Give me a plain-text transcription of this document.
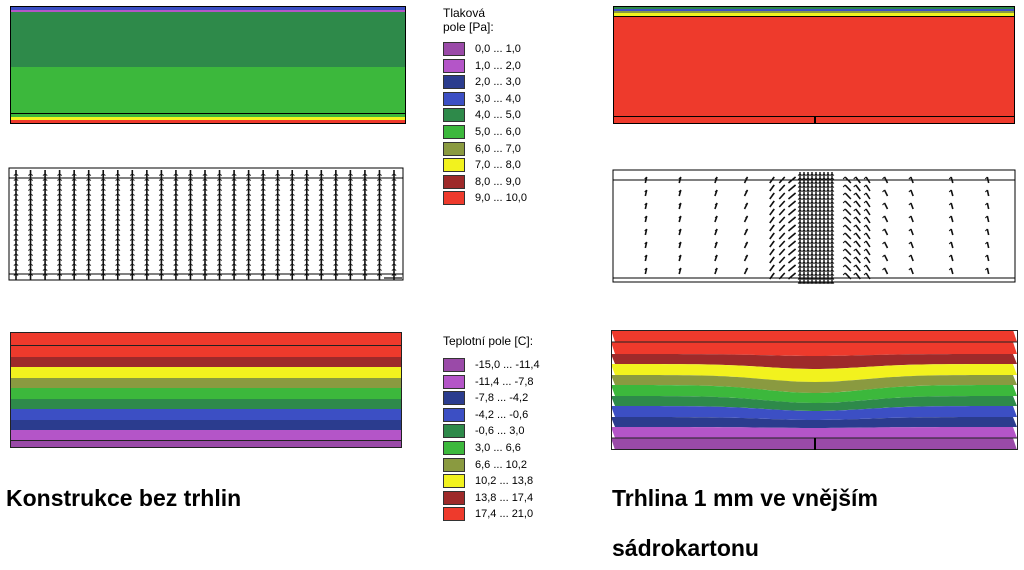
Tlaková
pole [Pa]:
0,0 ... 1,0
1,0 ... 2,0
2,0 ... 3,0
3,0 ... 4,0
4,0 ... 5,0
5,0 ... 6,0
6,0 ... 7,0
7,0 ... 8,0
8,0 ... 9,0
9,0 ... 10,0
Teplotní pole [C]:
-15,0 ... -11,4
-11,4 ... -7,8
-7,8 ... -4,2
-4,2 ... -0,6
-0,6 ... 3,0
3,0 ... 6,6
6,6 ... 10,2
10,2 ... 13,8
13,8 ... 17,4
17,4 ... 21,0
Konstrukce bez trhlin	Trhlina 1 mm ve vnějším
sádrokartonu
